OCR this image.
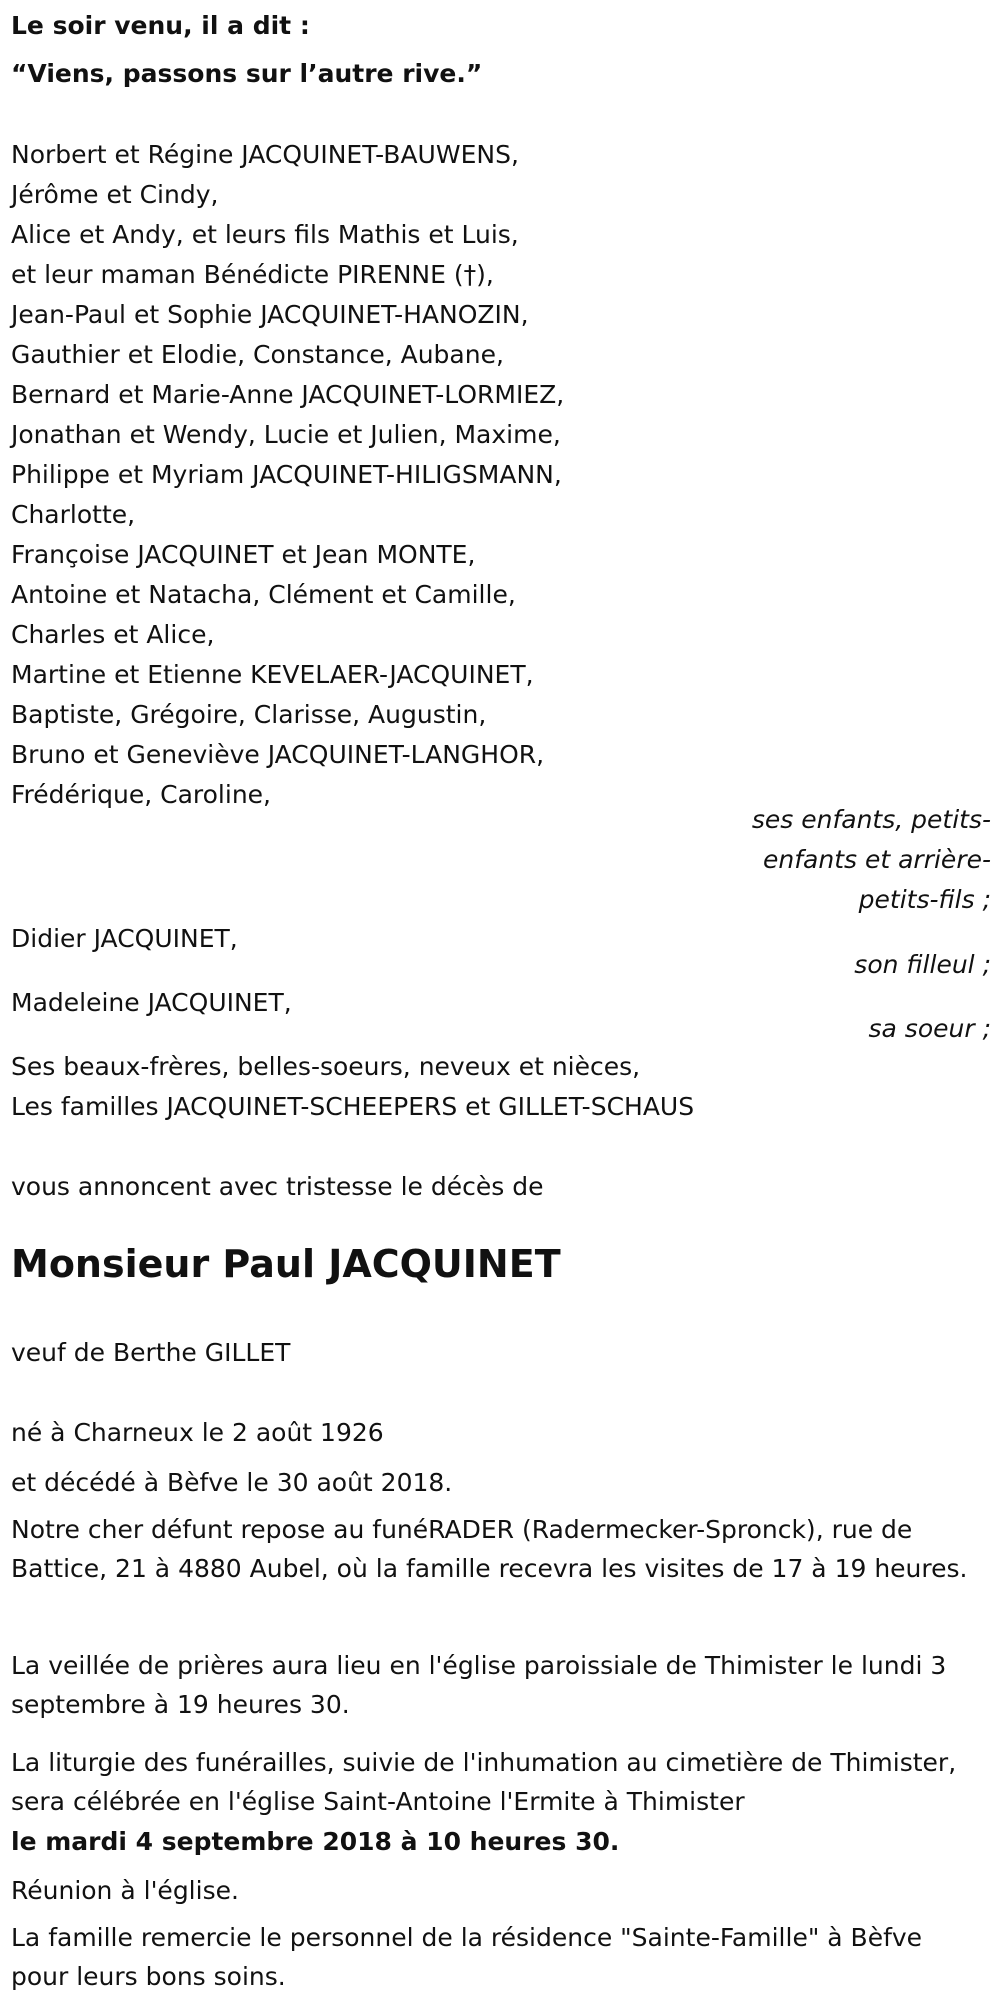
Le soir venu, il a dit :
“Viens, passons sur l’autre rive.”
Norbert et Régine JACQUINET-BAUWENS,
Jérôme et Cindy,
Alice et Andy, et leurs fils Mathis et Luis,
et leur maman Bénédicte PIRENNE (†),
Jean-Paul et Sophie JACQUINET-HANOZIN,
Gauthier et Elodie, Constance, Aubane,
Bernard et Marie-Anne JACQUINET-LORMIEZ,
Jonathan et Wendy, Lucie et Julien, Maxime,
Philippe et Myriam JACQUINET-HILIGSMANN,
Charlotte,
Françoise JACQUINET et Jean MONTE,
Antoine et Natacha, Clément et Camille,
Charles et Alice,
Martine et Etienne KEVELAER-JACQUINET,
Baptiste, Grégoire, Clarisse, Augustin,
Bruno et Geneviève JACQUINET-LANGHOR,
Frédérique, Caroline,
ses enfants, petits-
enfants et arrière-
petits-fils ;
Didier JACQUINET,
son filleul ;
Madeleine JACQUINET,
sa soeur ;
Ses beaux-frères, belles-soeurs, neveux et nièces,
Les familles JACQUINET-SCHEEPERS et GILLET-SCHAUS
vous annoncent avec tristesse le décès de
Monsieur Paul JACQUINET
veuf de Berthe GILLET
né à Charneux le 2 août 1926
et décédé à Bèfve le 30 août 2018.
Notre cher défunt repose au funéRADER (Radermecker-Spronck), rue de Battice, 21 à 4880 Aubel, où la famille recevra les visites de 17 à 19 heures.
La veillée de prières aura lieu en l'église paroissiale de Thimister le lundi 3 septembre à 19 heures 30.
La liturgie des funérailles, suivie de l'inhumation au cimetière de Thimister, sera célébrée en l'église Saint-Antoine l'Ermite à Thimister
le mardi 4 septembre 2018 à 10 heures 30.
Réunion à l'église.
La famille remercie le personnel de la résidence "Sainte-Famille" à Bèfve pour leurs bons soins.
